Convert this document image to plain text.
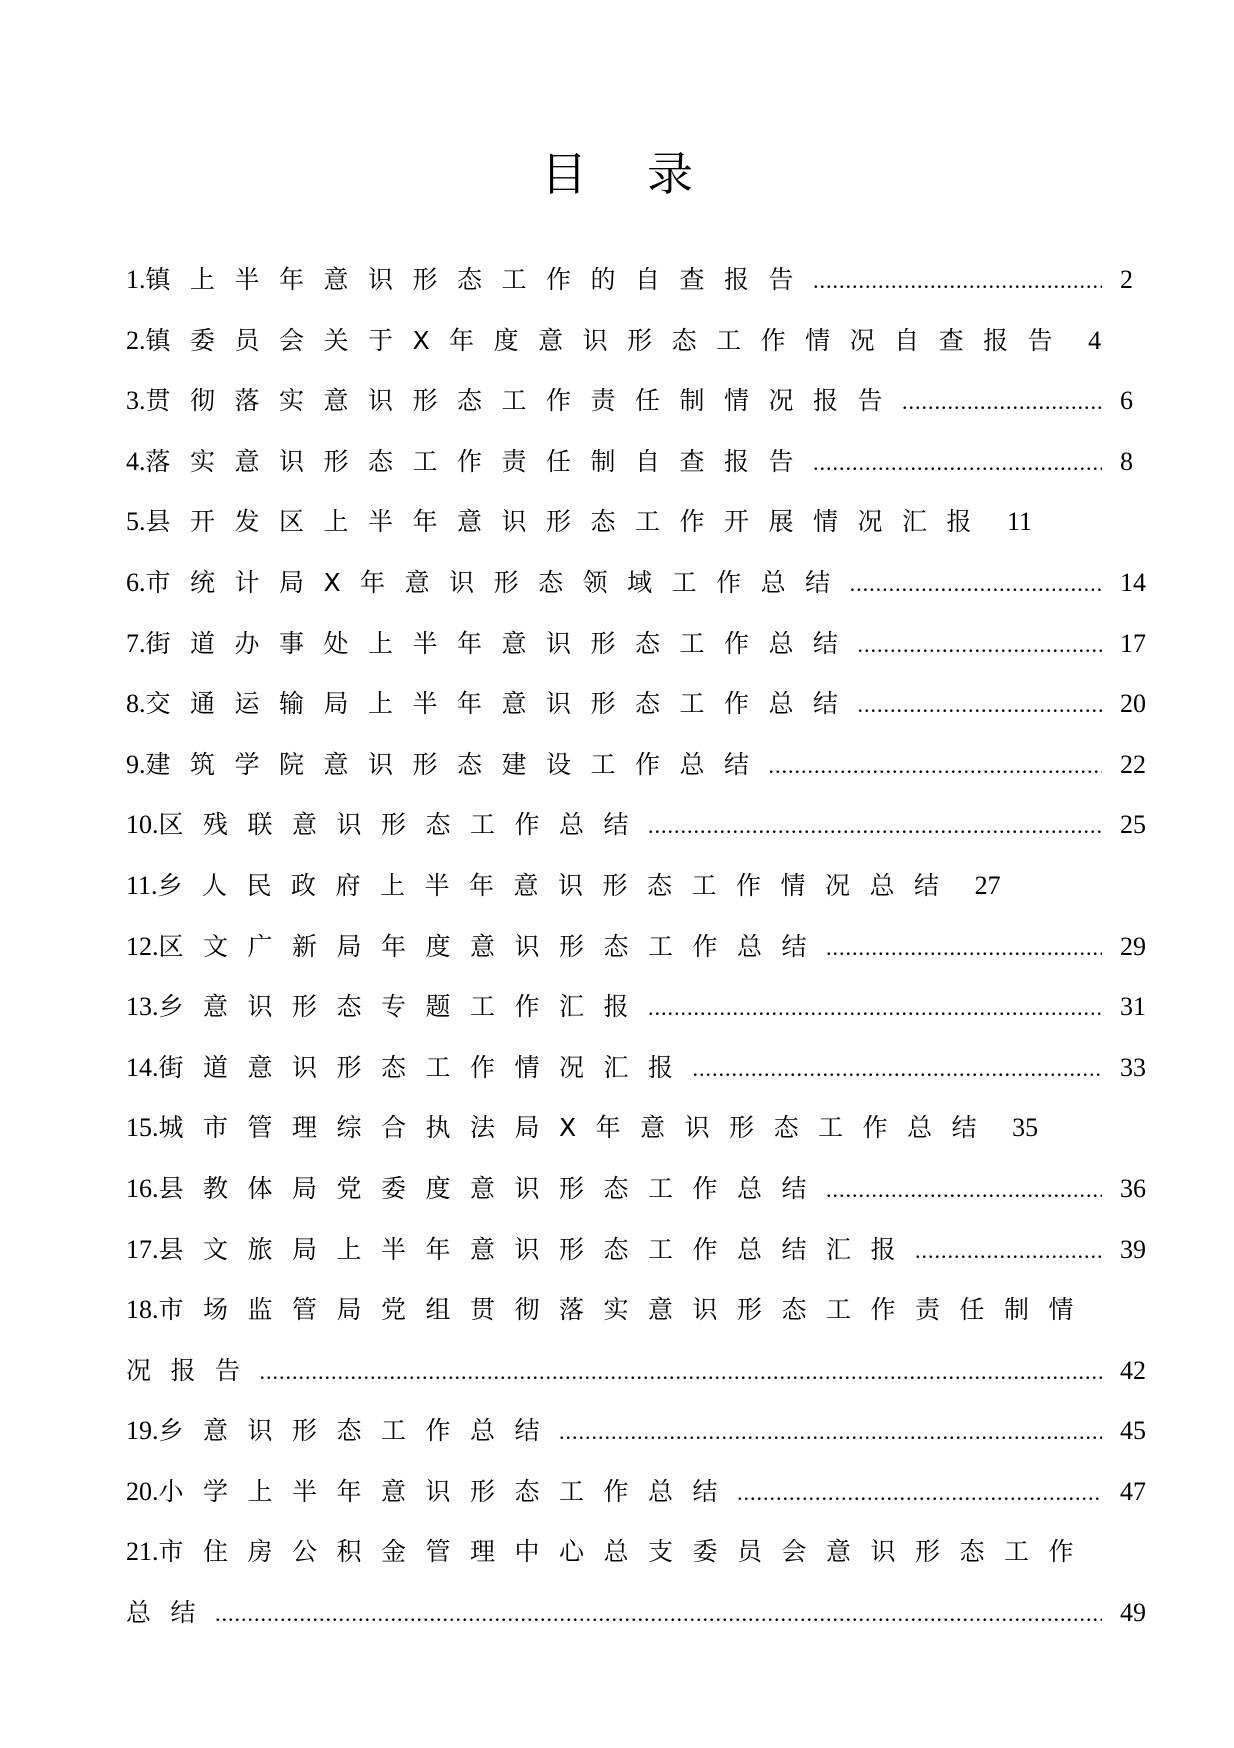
目录
1.镇上半年意识形态工作的自查报告 .....	2
2.镇委员会关于X年度意识形态工作情况自查报告 4
3.贯彻落实意识形态工作责任制情况报告 .....	6
4.落实意识形态工作责任制自查报告 .....	8
5.县开发区上半年意识形态工作开展情况汇报 11
6.市统计局X年意识形态领域工作总结 .....	14
7.街道办事处上半年意识形态工作总结 .....	17
8.交通运输局上半年意识形态工作总结 .....	20
9.建筑学院意识形态建设工作总结 .....	22
10.区残联意识形态工作总结 .....	25
11.乡人民政府上半年意识形态工作情况总结 27
12.区文广新局年度意识形态工作总结 .....	29
13.乡意识形态专题工作汇报 .....	31
14.街道意识形态工作情况汇报 .....	33
15.城市管理综合执法局X年意识形态工作总结 35
16.县教体局党委度意识形态工作总结 .....	36
17.县文旅局上半年意识形态工作总结汇报 .....	39
18.市场监管局党组贯彻落实意识形态工作责任制情
况报告 .....	42
19.乡意识形态工作总结 .....	45
20.小学上半年意识形态工作总结 .....	47
21.市住房公积金管理中心总支委员会意识形态工作
总结 .....	49
